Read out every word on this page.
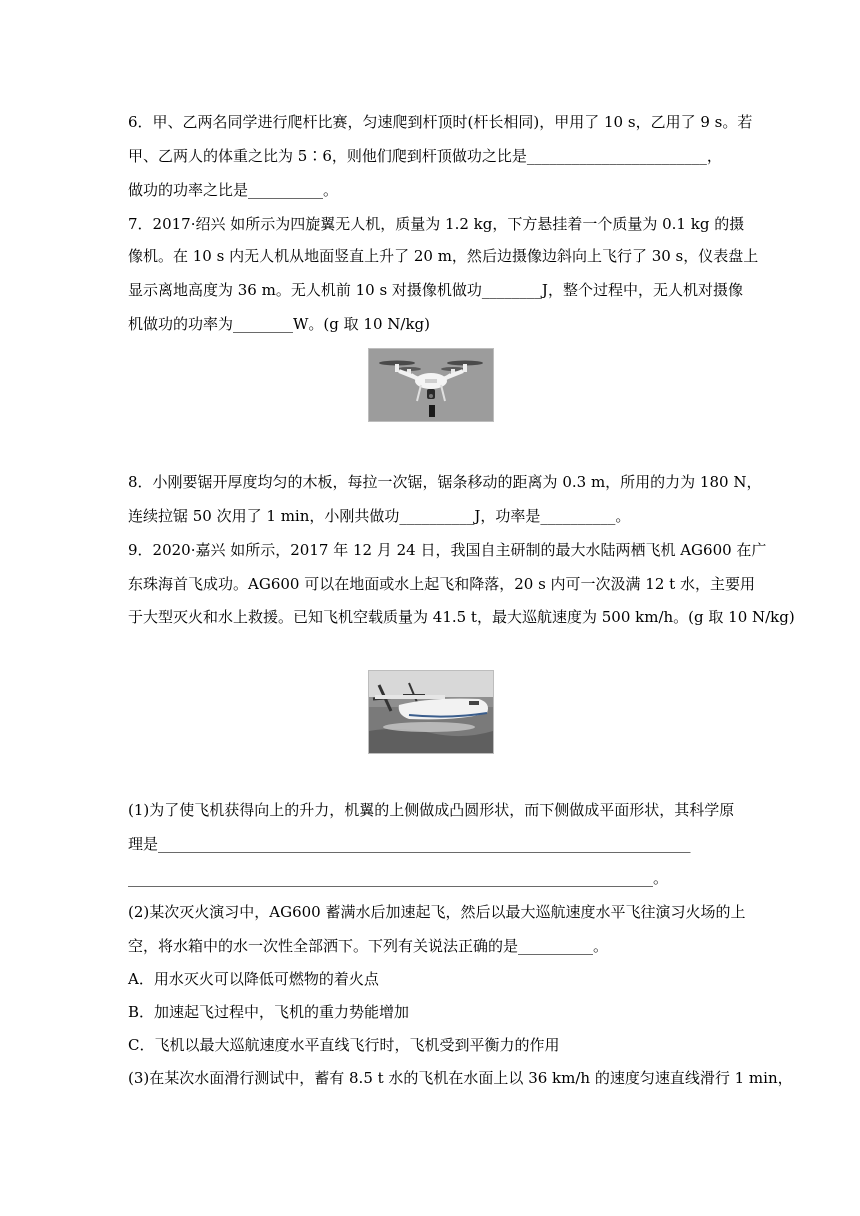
6．甲、乙两名同学进行爬杆比赛，匀速爬到杆顶时(杆长相同)，甲用了 10 s，乙用了 9 s。若
甲、乙两人的体重之比为 5∶6，则他们爬到杆顶做功之比是________________________，
做功的功率之比是__________。
7．2017·绍兴 如所示为四旋翼无人机，质量为 1.2 kg，下方悬挂着一个质量为 0.1 kg 的摄
像机。在 10 s 内无人机从地面竖直上升了 20 m，然后边摄像边斜向上飞行了 30 s，仪表盘上
显示离地高度为 36 m。无人机前 10 s 对摄像机做功________J，整个过程中，无人机对摄像
机做功的功率为________W。(g 取 10 N/kg)
8．小刚要锯开厚度均匀的木板，每拉一次锯，锯条移动的距离为 0.3 m，所用的力为 180 N，
连续拉锯 50 次用了 1 min，小刚共做功__________J，功率是__________。
9．2020·嘉兴 如所示，2017 年 12 月 24 日，我国自主研制的最大水陆两栖飞机 AG600 在广
东珠海首飞成功。AG600 可以在地面或水上起飞和降落，20 s 内可一次汲满 12 t 水，主要用
于大型灭火和水上救援。已知飞机空载质量为 41.5 t，最大巡航速度为 500 km/h。(g 取 10 N/kg)
(1)为了使飞机获得向上的升力，机翼的上侧做成凸圆形状，而下侧做成平面形状，其科学原
理是_______________________________________________________________________
______________________________________________________________________。
(2)某次灭火演习中，AG600 蓄满水后加速起飞，然后以最大巡航速度水平飞往演习火场的上
空，将水箱中的水一次性全部洒下。下列有关说法正确的是__________。
A．用水灭火可以降低可燃物的着火点
B．加速起飞过程中，飞机的重力势能增加
C．飞机以最大巡航速度水平直线飞行时，飞机受到平衡力的作用
(3)在某次水面滑行测试中，蓄有 8.5 t 水的飞机在水面上以 36 km/h 的速度匀速直线滑行 1 min，
